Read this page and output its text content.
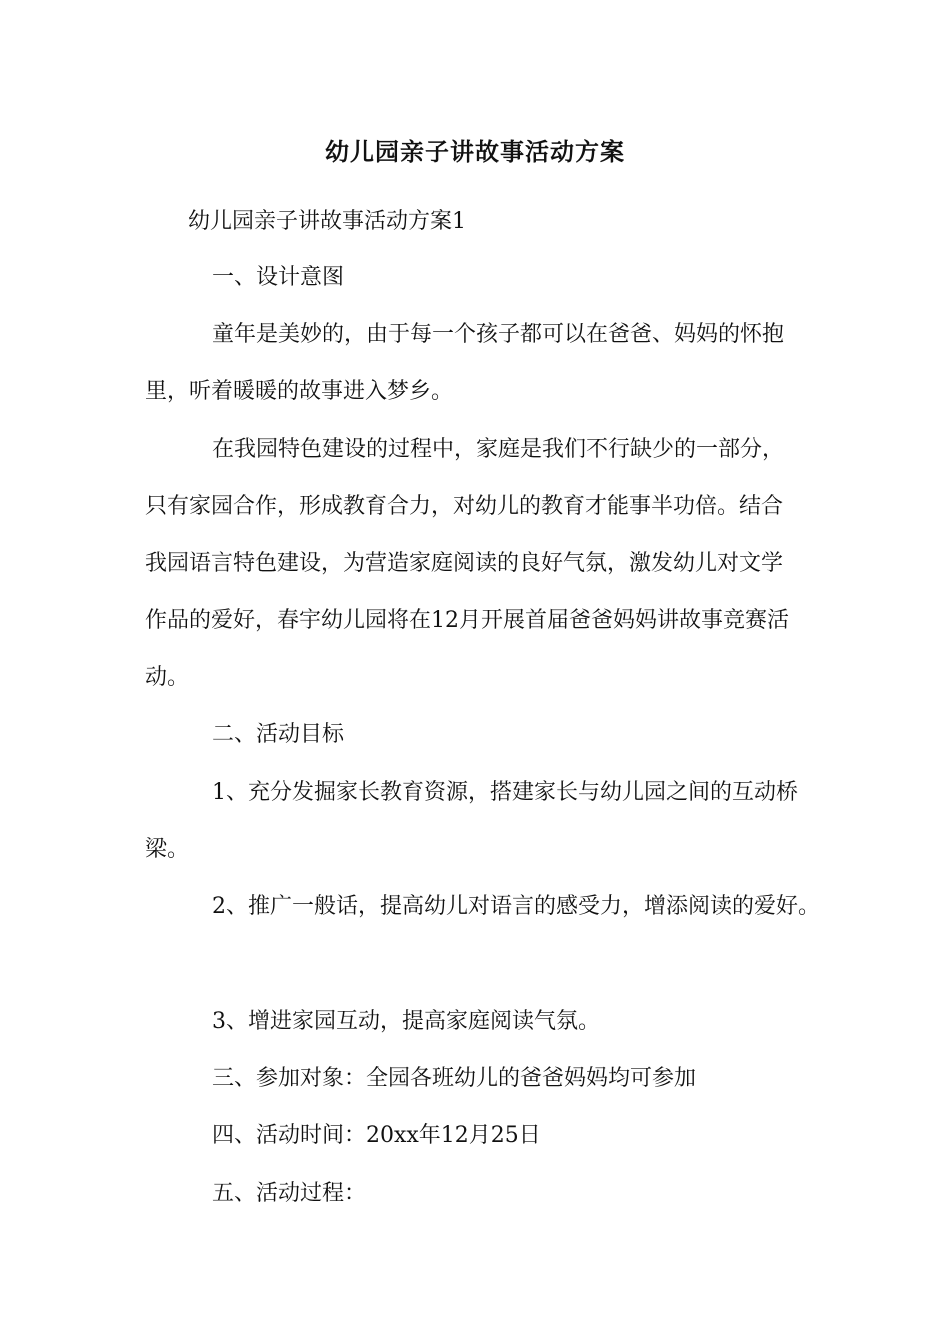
幼儿园亲子讲故事活动方案
幼儿园亲子讲故事活动方案1
一、设计意图
童年是美妙的，由于每一个孩子都可以在爸爸、妈妈的怀抱
里，听着暖暖的故事进入梦乡。
在我园特色建设的过程中，家庭是我们不行缺少的一部分，
只有家园合作，形成教育合力，对幼儿的教育才能事半功倍。结合
我园语言特色建设，为营造家庭阅读的良好气氛，激发幼儿对文学
作品的爱好，春宇幼儿园将在12月开展首届爸爸妈妈讲故事竞赛活
动。
二、活动目标
1、充分发掘家长教育资源，搭建家长与幼儿园之间的互动桥
梁。
2、推广一般话，提高幼儿对语言的感受力，增添阅读的爱好。
3、增进家园互动，提高家庭阅读气氛。
三、参加对象：全园各班幼儿的爸爸妈妈均可参加
四、活动时间：20xx年12月25日
五、活动过程：
